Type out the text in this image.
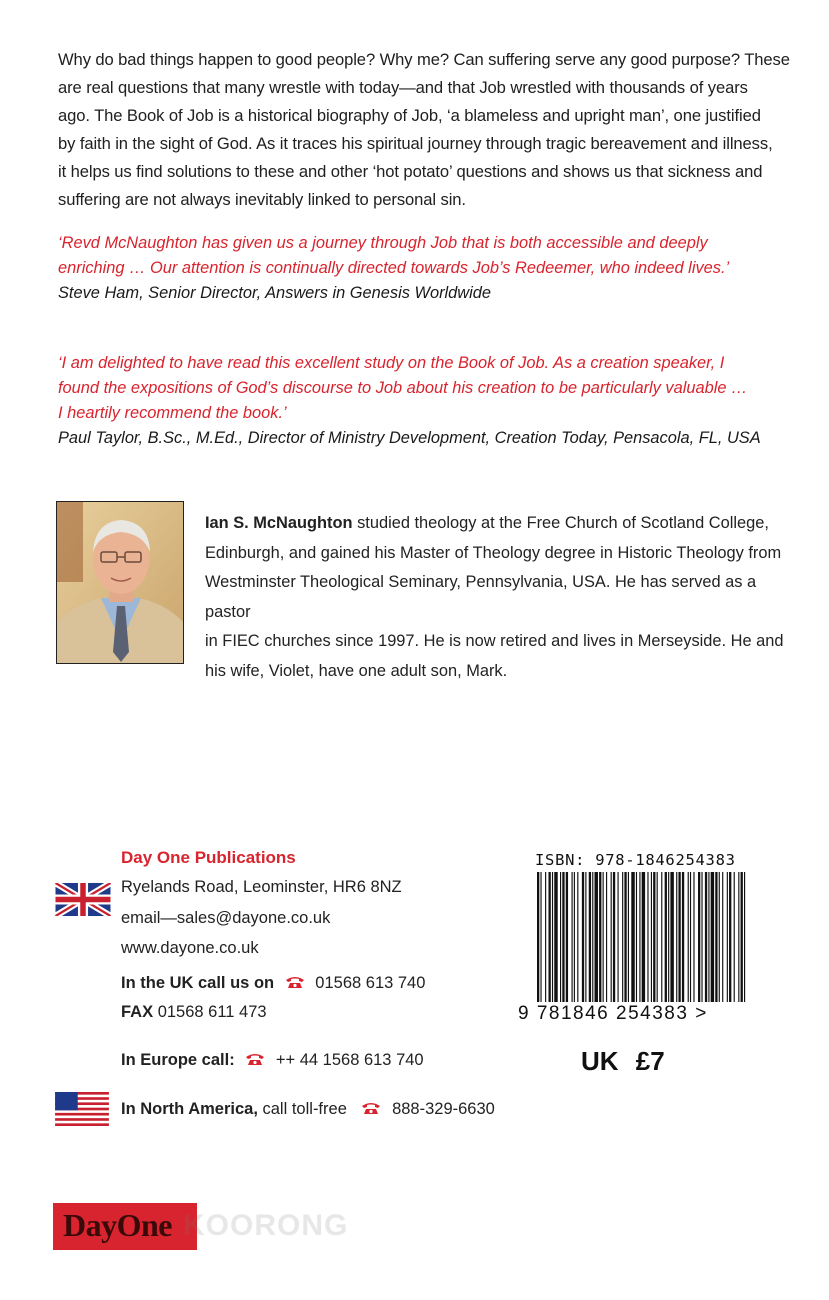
Why do bad things happen to good people? Why me? Can suffering serve any good purpose? These
are real questions that many wrestle with today—and that Job wrestled with thousands of years
ago. The Book of Job is a historical biography of Job, ‘a blameless and upright man’, one justified
by faith in the sight of God. As it traces his spiritual journey through tragic bereavement and illness,
it helps us find solutions to these and other ‘hot potato’ questions and shows us that sickness and
suffering are not always inevitably linked to personal sin.
‘Revd McNaughton has given us a journey through Job that is both accessible and deeply
enriching … Our attention is continually directed towards Job’s Redeemer, who indeed lives.’
Steve Ham, Senior Director, Answers in Genesis Worldwide
‘I am delighted to have read this excellent study on the Book of Job. As a creation speaker, I
found the expositions of God’s discourse to Job about his creation to be particularly valuable …
I heartily recommend the book.’
Paul Taylor, B.Sc., M.Ed., Director of Ministry Development, Creation Today, Pensacola, FL, USA
Ian S. McNaughton studied theology at the Free Church of Scotland College,
Edinburgh, and gained his Master of Theology degree in Historic Theology from
Westminster Theological Seminary, Pennsylvania, USA. He has served as a pastor
in FIEC churches since 1997. He is now retired and lives in Merseyside. He and
his wife, Violet, have one adult son, Mark.
Day One Publications
Ryelands Road, Leominster, HR6 8NZ
email—sales@dayone.co.uk
www.dayone.co.uk
In the UK call us on 01568 613 740
FAX 01568 611 473
In Europe call: ++ 44 1568 613 740
In North America, call toll-free	888-329-6630
ISBN: 978-1846254383
9 781846 254383 >
UK £7
DayOne KOORONG
